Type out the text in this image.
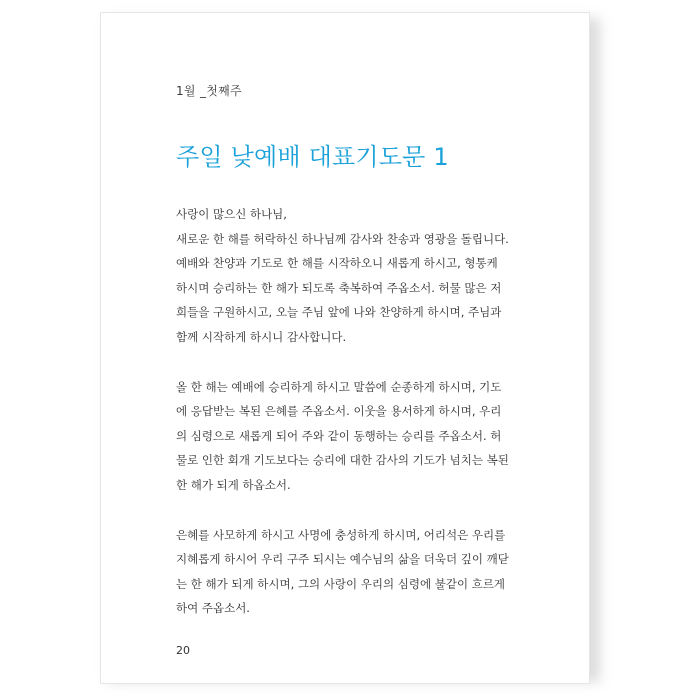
1월 _첫째주

주일 낮예배 대표기도문 1

사랑이 많으신 하나님,
새로운 한 해를 허락하신 하나님께 감사와 찬송과 영광을 돌립니다.
예배와 찬양과 기도로 한 해를 시작하오니 새롭게 하시고, 형통케
하시며 승리하는 한 해가 되도록 축복하여 주옵소서. 허물 많은 저
희들을 구원하시고, 오늘 주님 앞에 나와 찬양하게 하시며, 주님과
함께 시작하게 하시니 감사합니다.

올 한 해는 예배에 승리하게 하시고 말씀에 순종하게 하시며, 기도
에 응답받는 복된 은혜를 주옵소서. 이웃을 용서하게 하시며, 우리
의 심령으로 새롭게 되어 주와 같이 동행하는 승리를 주옵소서. 허
물로 인한 회개 기도보다는 승리에 대한 감사의 기도가 넘치는 복된
한 해가 되게 하옵소서.

은혜를 사모하게 하시고 사명에 충성하게 하시며, 어리석은 우리를
지혜롭게 하시어 우리 구주 되시는 예수님의 삶을 더욱더 깊이 깨닫
는 한 해가 되게 하시며, 그의 사랑이 우리의 심령에 불같이 흐르게
하여 주옵소서.

20
